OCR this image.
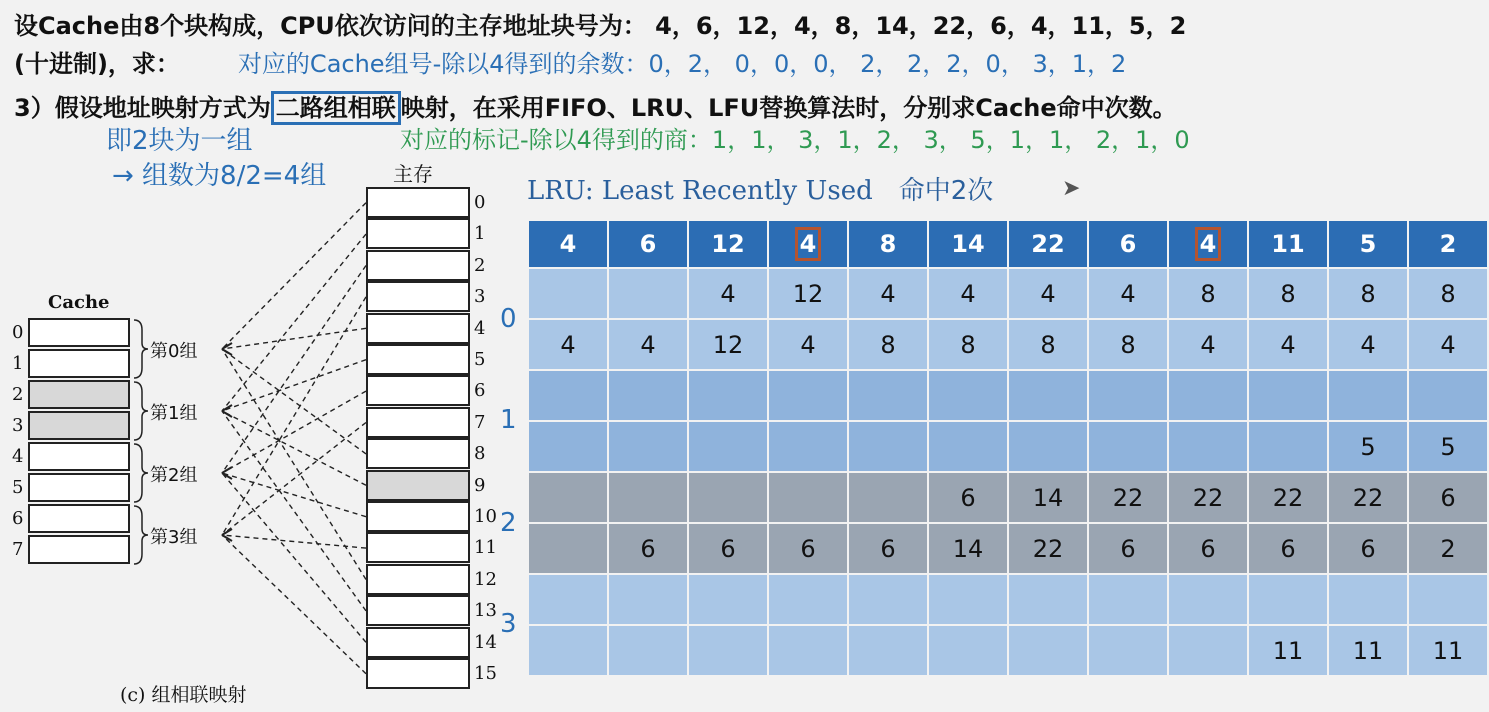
设Cache由8个块构成，CPU依次访问的主存地址块号为： 4，6，12，4，8，14，22，6，4，11，5，2
(十进制)，求： 对应的Cache组号-除以4得到的余数：0，2， 0，0，0， 2， 2，2，0， 3，1，2
3）假设地址映射方式为 二路组相联 映射，在采用FIFO、LRU、LFU替换算法时，分别求Cache命中次数。
即2块为一组	对应的标记-除以4得到的商：1，1， 3，1，2， 3， 5，1，1， 2，1，0
→ 组数为8/2=4组	LRU: Least Recently Used 命中2次	➤
4	6	12	4	8	14	22	6	4	11	5	2
		4	12	4	4	4	4	8	8	8	8
4	4	12	4	8	8	8	8	4	4	4	4

										5	5
					6	14	22	22	22	22	6
	6	6	6	6	14	22	6	6	6	6	2

									11	11	11
0
1
2
3
Cache
主存
0
1
2
3
4
5
6
7
0
1
2
3
4
5
6
7
8
9
10
11
12
13
14
15
第0组
第1组
第2组
第3组
(c) 组相联映射
